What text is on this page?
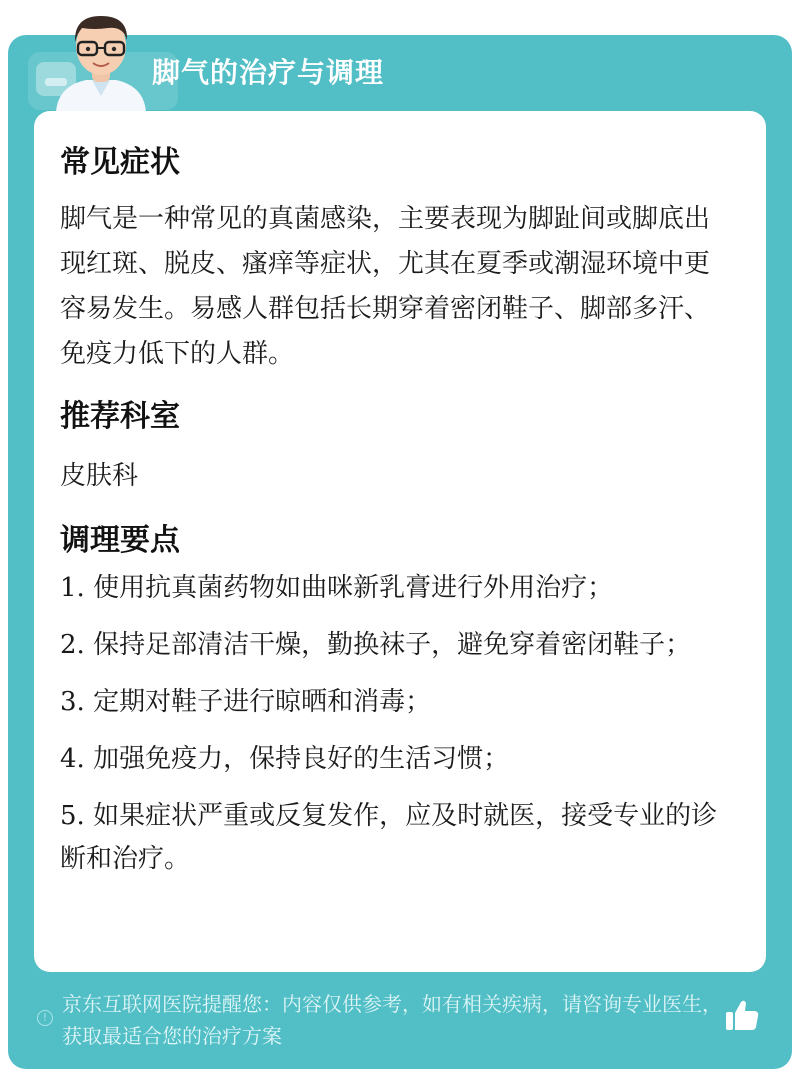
脚气的治疗与调理
常见症状

脚气是一种常见的真菌感染，主要表现为脚趾间或脚底出现红斑、脱皮、瘙痒等症状，尤其在夏季或潮湿环境中更容易发生。易感人群包括长期穿着密闭鞋子、脚部多汗、免疫力低下的人群。

推荐科室

皮肤科

调理要点
1. 使用抗真菌药物如曲咪新乳膏进行外用治疗；
2. 保持足部清洁干燥，勤换袜子，避免穿着密闭鞋子；
3. 定期对鞋子进行晾晒和消毒；
4. 加强免疫力，保持良好的生活习惯；
5. 如果症状严重或反复发作，应及时就医，接受专业的诊断和治疗。
!
京东互联网医院提醒您：内容仅供参考，如有相关疾病，请咨询专业医生，获取最适合您的治疗方案
